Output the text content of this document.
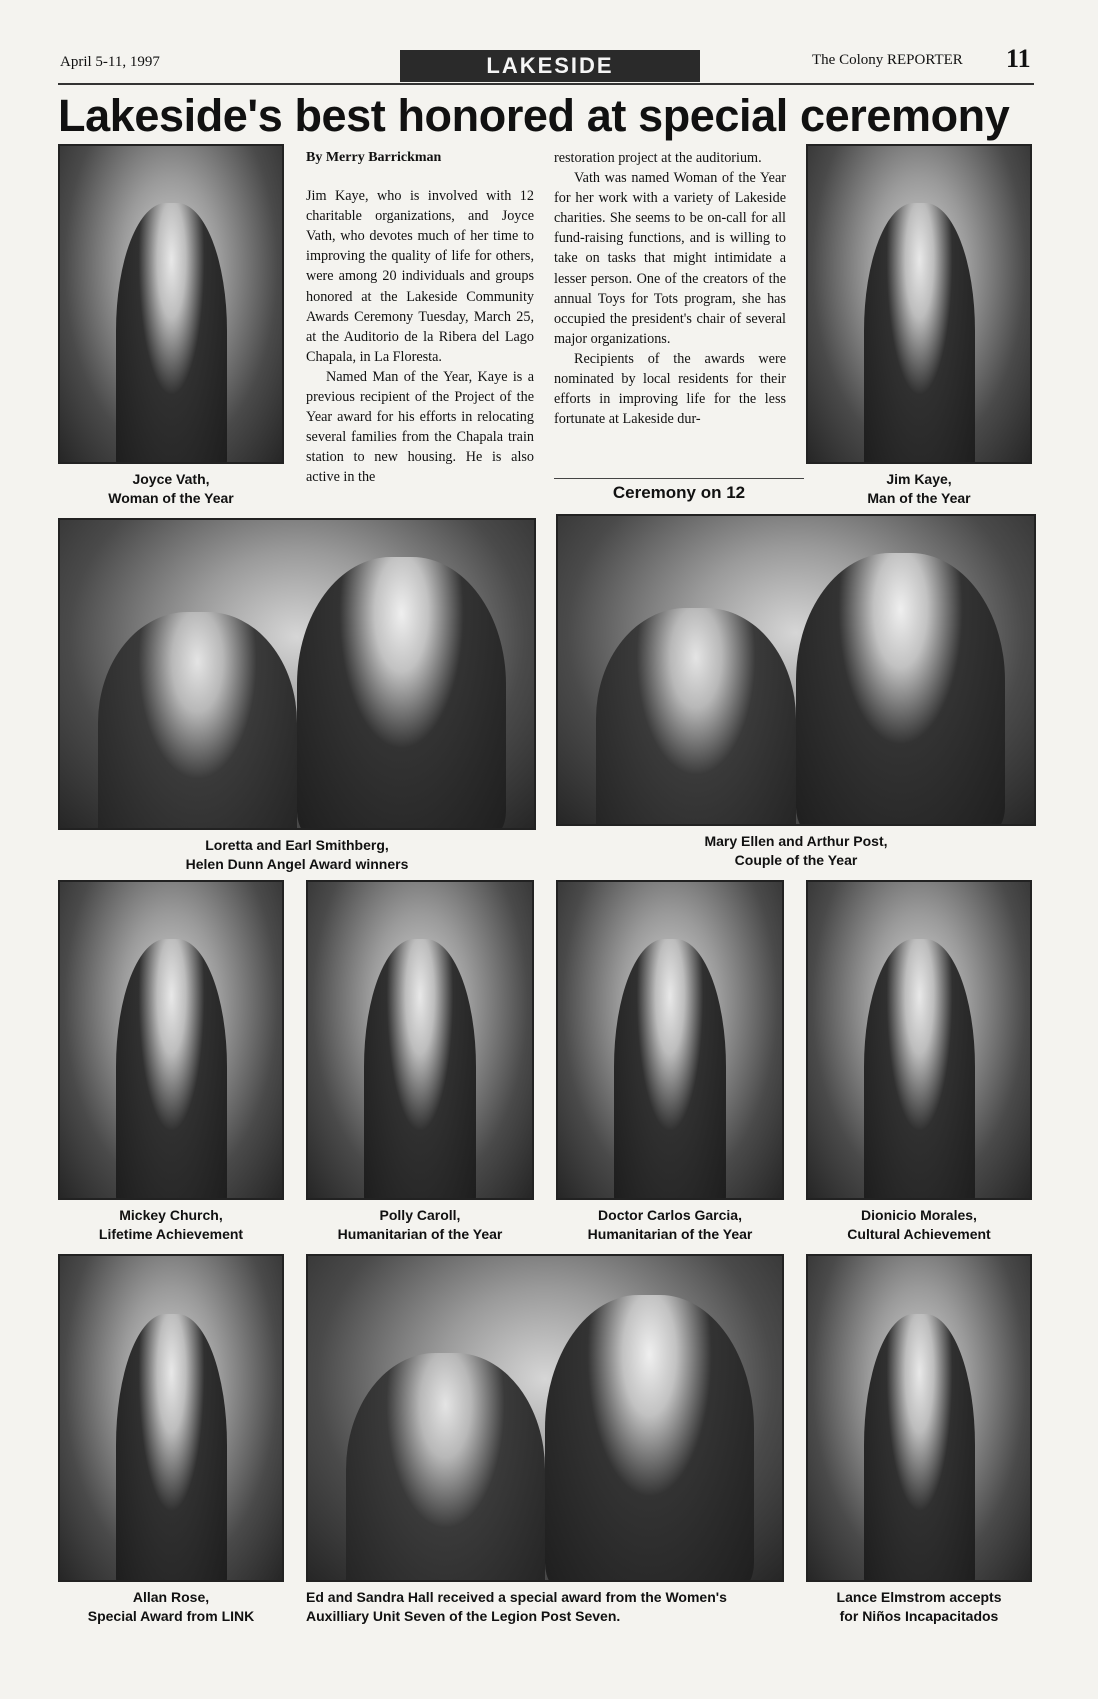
April 5-11, 1997	LAKESIDE	The Colony REPORTER 11
Lakeside's best honored at special ceremony
Joyce Vath,
Woman of the Year
Jim Kaye,
Man of the Year
By Merry Barrickman

Jim Kaye, who is involved with 12 charitable organizations, and Joyce Vath, who devotes much of her time to improving the quality of life for others, were among 20 individuals and groups honored at the Lakeside Community Awards Ceremony Tuesday, March 25, at the Auditorio de la Ribera del Lago Chapala, in La Floresta.

Named Man of the Year, Kaye is a previous recipient of the Project of the Year award for his efforts in relocating several families from the Chapala train station to new housing. He is also active in the

restoration project at the auditorium.

Vath was named Woman of the Year for her work with a variety of Lakeside charities. She seems to be on-call for all fund-raising functions, and is willing to take on tasks that might intimidate a lesser person. One of the creators of the annual Toys for Tots program, she has occupied the president's chair of several major organizations.

Recipients of the awards were nominated by local residents for their efforts in improving life for the less fortunate at Lakeside dur-

Ceremony on 12
Loretta and Earl Smithberg,
Helen Dunn Angel Award winners
Mary Ellen and Arthur Post,
Couple of the Year
Mickey Church,
Lifetime Achievement
Polly Caroll,
Humanitarian of the Year
Doctor Carlos Garcia,
Humanitarian of the Year
Dionicio Morales,
Cultural Achievement
Allan Rose,
Special Award from LINK
Ed and Sandra Hall received a special award from the Women's
Auxilliary Unit Seven of the Legion Post Seven.
Lance Elmstrom accepts
for Niños Incapacitados
